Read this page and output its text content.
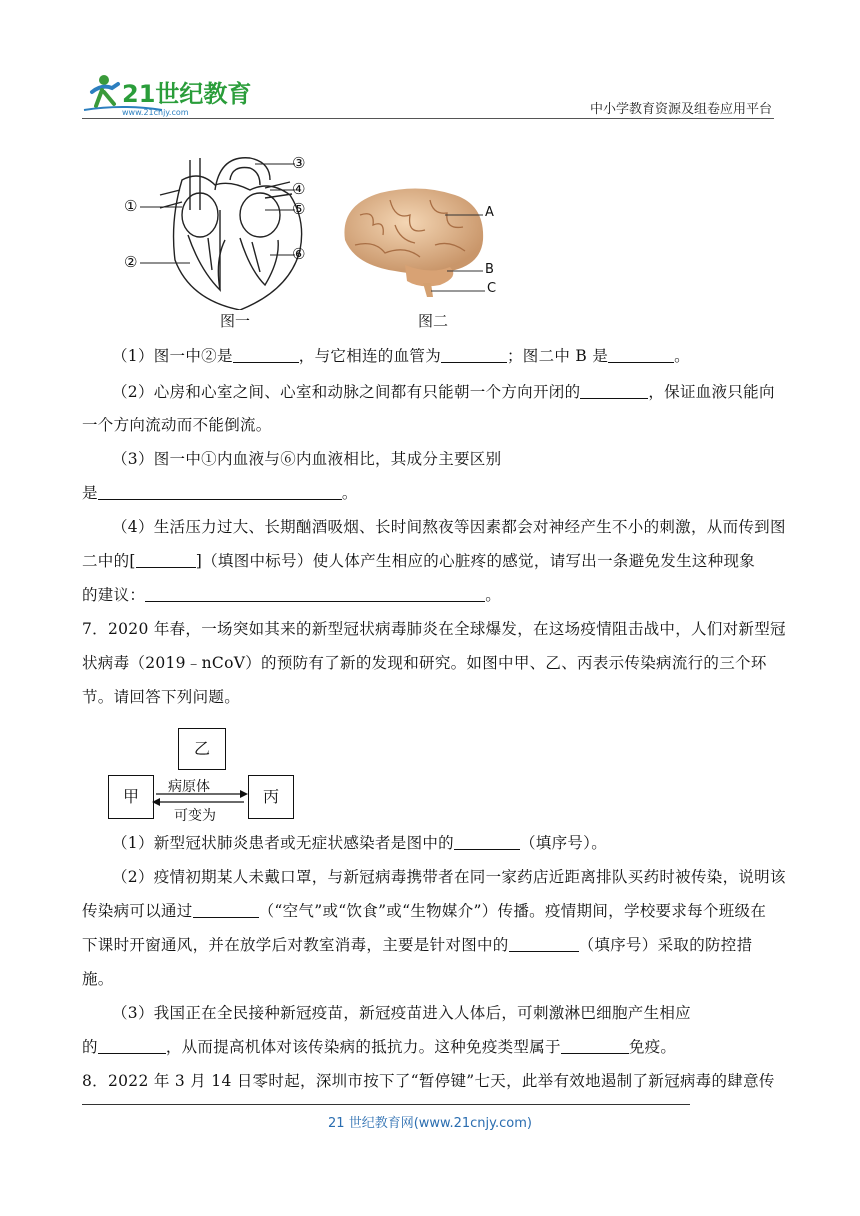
21世纪教育
www.21cnjy.com	中小学教育资源及组卷应用平台
①
②
③
④
⑤
⑥
图一
A
B
C
图二
（1）图一中②是	，与它相连的血管为	；图二中 B 是	。
（2）心房和心室之间、心室和动脉之间都有只能朝一个方向开闭的	，保证血液只能向
一个方向流动而不能倒流。
（3）图一中①内血液与⑥内血液相比，其成分主要区别
是	。
（4）生活压力过大、长期酗酒吸烟、长时间熬夜等因素都会对神经产生不小的刺激，从而传到图
二中的[	]（填图中标号）使人体产生相应的心脏疼的感觉，请写出一条避免发生这种现象
的建议：	。
7．2020 年春，一场突如其来的新型冠状病毒肺炎在全球爆发，在这场疫情阻击战中，人们对新型冠
状病毒（2019﹣nCoV）的预防有了新的发现和研究。如图中甲、乙、丙表示传染病流行的三个环
节。请回答下列问题。
乙
甲	丙
病原体
可变为
（1）新型冠状肺炎患者或无症状感染者是图中的	（填序号）。
（2）疫情初期某人未戴口罩，与新冠病毒携带者在同一家药店近距离排队买药时被传染，说明该
传染病可以通过	（“空气”或“饮食”或“生物媒介”）传播。疫情期间，学校要求每个班级在
下课时开窗通风，并在放学后对教室消毒，主要是针对图中的	（填序号）采取的防控措
施。
（3）我国正在全民接种新冠疫苗，新冠疫苗进入人体后，可刺激淋巴细胞产生相应
的	，从而提高机体对该传染病的抵抗力。这种免疫类型属于	免疫。
8．2022 年 3 月 14 日零时起，深圳市按下了“暂停键”七天，此举有效地遏制了新冠病毒的肆意传
21 世纪教育网(www.21cnjy.com)
